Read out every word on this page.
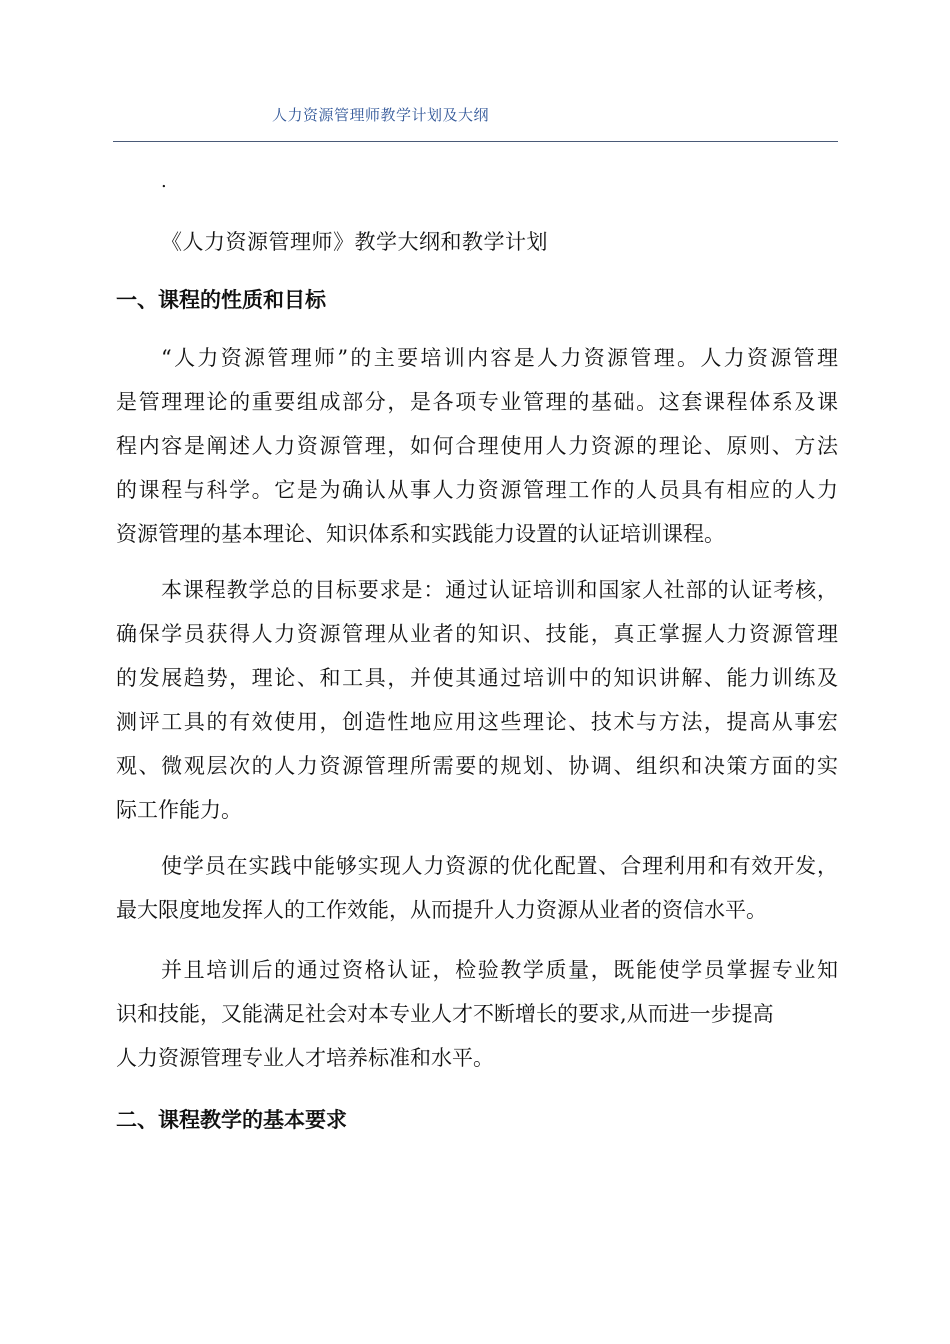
人力资源管理师教学计划及大纲
.
《人力资源管理师》教学大纲和教学计划
一、课程的性质和目标
“人力资源管理师”的主要培训内容是人力资源管理。人力资源管理
是管理理论的重要组成部分，是各项专业管理的基础。这套课程体系及课
程内容是阐述人力资源管理，如何合理使用人力资源的理论、原则、方法
的课程与科学。它是为确认从事人力资源管理工作的人员具有相应的人力
资源管理的基本理论、知识体系和实践能力设置的认证培训课程。
本课程教学总的目标要求是：通过认证培训和国家人社部的认证考核，
确保学员获得人力资源管理从业者的知识、技能，真正掌握人力资源管理
的发展趋势，理论、和工具，并使其通过培训中的知识讲解、能力训练及
测评工具的有效使用，创造性地应用这些理论、技术与方法，提高从事宏
观、微观层次的人力资源管理所需要的规划、协调、组织和决策方面的实
际工作能力。
使学员在实践中能够实现人力资源的优化配置、合理利用和有效开发，
最大限度地发挥人的工作效能，从而提升人力资源从业者的资信水平。
并且培训后的通过资格认证，检验教学质量，既能使学员掌握专业知
识和技能，又能满足社会对本专业人才不断增长的要求,从而进一步提高
人力资源管理专业人才培养标准和水平。
二、课程教学的基本要求
